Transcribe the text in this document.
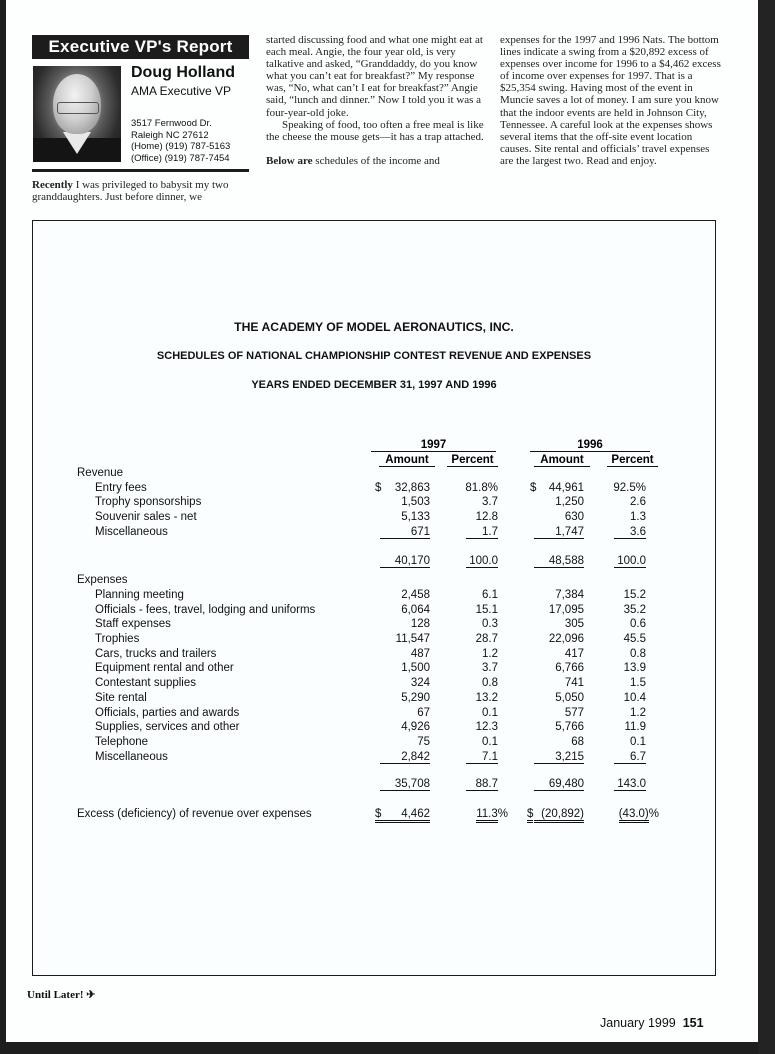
Executive VP's Report
Doug Holland
AMA Executive VP
3517 Fernwood Dr.
Raleigh NC 27612
(Home) (919) 787-5163
(Office) (919) 787-7454
Recently I was privileged to babysit my two granddaughters. Just before dinner, we
started discussing food and what one might eat at each meal. Angie, the four year old, is very talkative and asked, “Granddaddy, do you know what you can’t eat for breakfast?” My response was, “No, what can’t I eat for breakfast?” Angie said, “lunch and dinner.” Now I told you it was a four-year-old joke.
Speaking of food, too often a free meal is like the cheese the mouse gets—it has a trap attached.
Below are schedules of the income and
expenses for the 1997 and 1996 Nats. The bottom lines indicate a swing from a $20,892 excess of expenses over income for 1996 to a $4,462 excess of income over expenses for 1997. That is a $25,354 swing. Having most of the event in Muncie saves a lot of money. I am sure you know that the indoor events are held in Johnson City, Tennessee. A careful look at the expenses shows several items that the off-site event location causes. Site rental and officials’ travel expenses are the largest two. Read and enjoy.
THE ACADEMY OF MODEL AERONAUTICS, INC.
SCHEDULES OF NATIONAL CHAMPIONSHIP CONTEST REVENUE AND EXPENSES
YEARS ENDED DECEMBER 31, 1997 AND 1996
1997	1996
Amount	Percent	Amount	Percent
Revenue
Entry fees	32,863	81.8%	44,961	92.5%
$	$
Trophy sponsorships	1,503	3.7	1,250	2.6
Souvenir sales - net	5,133	12.8	630	1.3
Miscellaneous	671	1.7	1,747	3.6
40,170	100.0	48,588	100.0
Expenses
Planning meeting	2,458	6.1	7,384	15.2
Officials - fees, travel, lodging and uniforms	6,064	15.1	17,095	35.2
Staff expenses	128	0.3	305	0.6
Trophies	11,547	28.7	22,096	45.5
Cars, trucks and trailers	487	1.2	417	0.8
Equipment rental and other	1,500	3.7	6,766	13.9
Contestant supplies	324	0.8	741	1.5
Site rental	5,290	13.2	5,050	10.4
Officials, parties and awards	67	0.1	577	1.2
Supplies, services and other	4,926	12.3	5,766	11.9
Telephone	75	0.1	68	0.1
Miscellaneous	2,842	7.1	3,215	6.7
35,708	88.7	69,480	143.0
Excess (deficiency) of revenue over expenses	4,462	11.3%	(20,892)	(43.0)%
$	$
Until Later! ✈
January 1999 151
